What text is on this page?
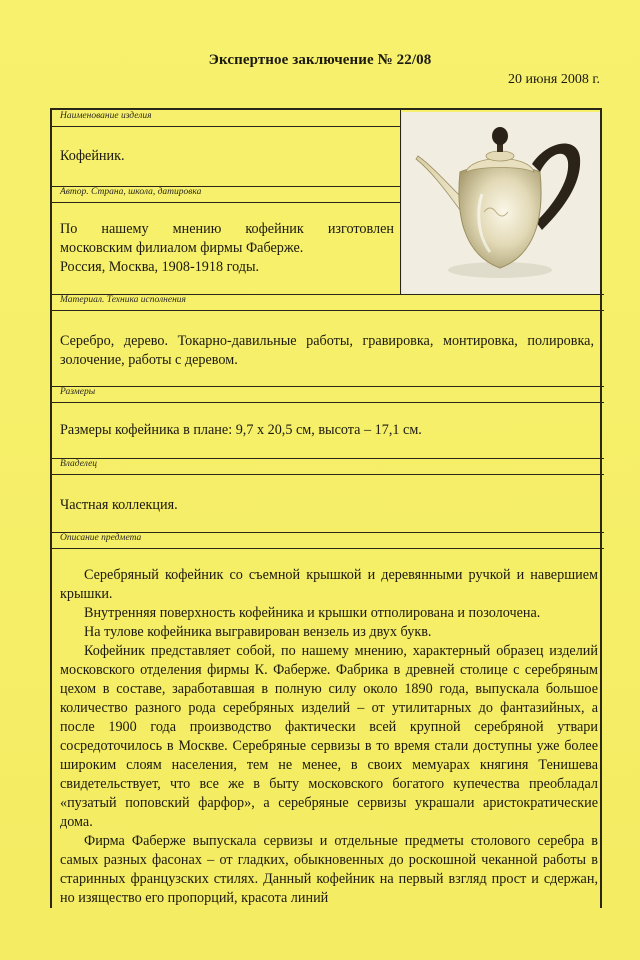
Экспертное заключение № 22/08
20 июня 2008 г.
Наименование изделия
Кофейник.
Автор. Страна, школа, датировка
По нашему мнению кофейник изготовлен
московским филиалом фирмы Фаберже.
Россия, Москва, 1908-1918 годы.
Материал. Техника исполнения
Серебро, дерево. Токарно-давильные работы, гравировка, монтировка, полировка, золочение, работы с деревом.
Размеры
Размеры кофейника в плане: 9,7 х 20,5 см, высота – 17,1 см.
Владелец
Частная коллекция.
Описание предмета

Серебряный кофейник со съемной крышкой и деревянными ручкой и навершием крышки.

Внутренняя поверхность кофейника и крышки отполирована и позолочена.

На тулове кофейника выгравирован вензель из двух букв.

Кофейник представляет собой, по нашему мнению, характерный образец изделий московского отделения фирмы К. Фаберже. Фабрика в древней столице с серебряным цехом в составе, заработавшая в полную силу около 1890 года, выпускала большое количество разного рода серебряных изделий – от утилитарных до фантазийных, а после 1900 года производство фактически всей крупной серебряной утвари сосредоточилось в Москве. Серебряные сервизы в то время стали доступны уже более широким слоям населения, тем не менее, в своих мемуарах княгиня Тенишева свидетельствует, что все же в быту московского богатого купечества преобладал «пузатый поповский фарфор», а серебряные сервизы украшали аристократические дома.

Фирма Фаберже выпускала сервизы и отдельные предметы столового серебра в самых разных фасонах – от гладких, обыкновенных до роскошной чеканной работы в старинных французских стилях. Данный кофейник на первый взгляд прост и сдержан, но изящество его пропорций, красота линий
